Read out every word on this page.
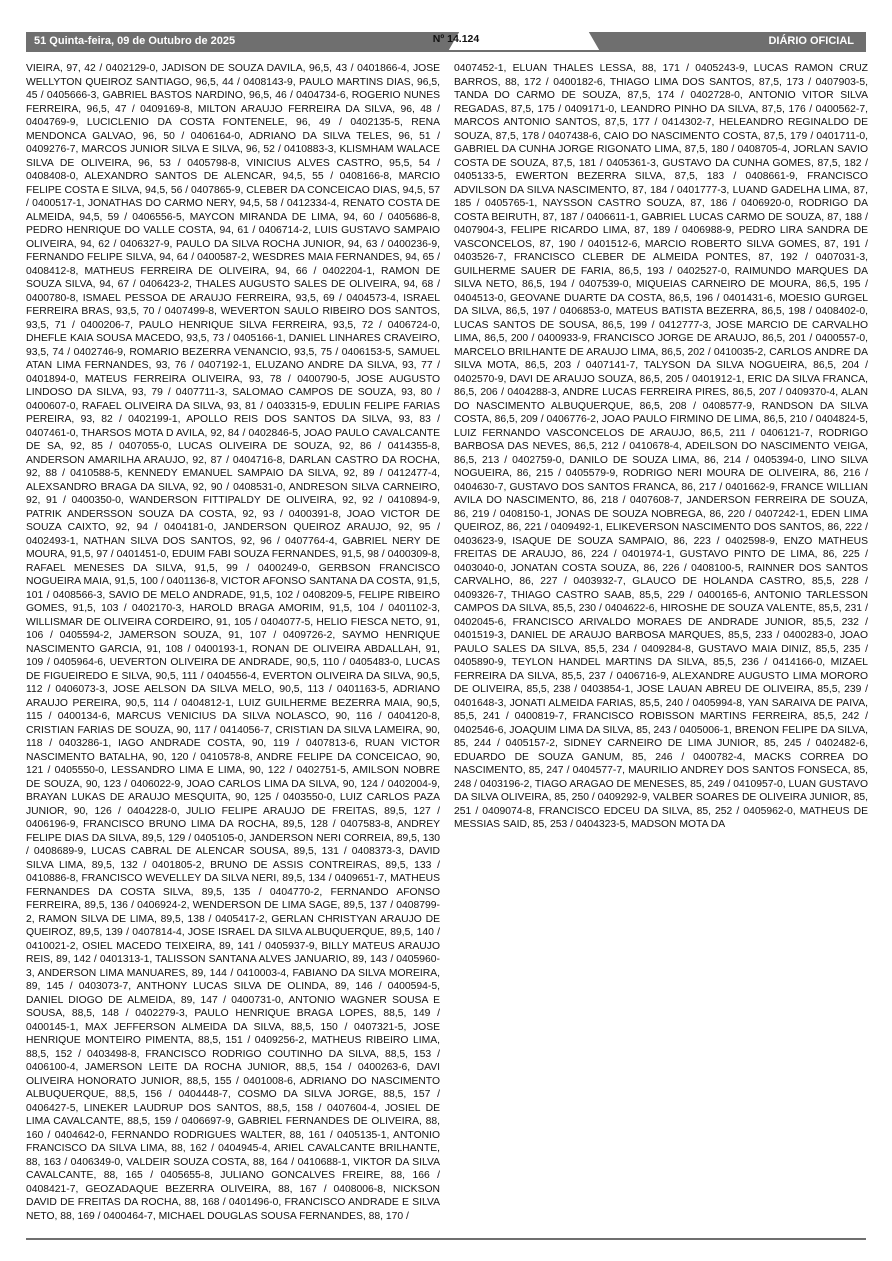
51 Quinta-feira, 09 de Outubro de 2025	Nº 14.124	DIÁRIO OFICIAL
VIEIRA, 97, 42 / 0402129-0, JADISON DE SOUZA DAVILA, 96,5, 43 / 0401866-4, JOSE WELLYTON QUEIROZ SANTIAGO, 96,5, 44 / 0408143-9, PAULO MARTINS DIAS, 96,5, 45 / 0405666-3, GABRIEL BASTOS NARDINO, 96,5, 46 / 0404734-6, ROGERIO NUNES FERREIRA, 96,5, 47 / 0409169-8, MILTON ARAUJO FERREIRA DA SILVA, 96, 48 / 0404769-9, LUCICLENIO DA COSTA FONTENELE, 96, 49 / 0402135-5, RENA MENDONCA GALVAO, 96, 50 / 0406164-0, ADRIANO DA SILVA TELES, 96, 51 / 0409276-7, MARCOS JUNIOR SILVA E SILVA, 96, 52 / 0410883-3, KLISMHAM WALACE SILVA DE OLIVEIRA, 96, 53 / 0405798-8, VINICIUS ALVES CASTRO, 95,5, 54 / 0408408-0, ALEXANDRO SANTOS DE ALENCAR, 94,5, 55 / 0408166-8, MARCIO FELIPE COSTA E SILVA, 94,5, 56 / 0407865-9, CLEBER DA CONCEICAO DIAS, 94,5, 57 / 0400517-1, JONATHAS DO CARMO NERY, 94,5, 58 / 0412334-4, RENATO COSTA DE ALMEIDA, 94,5, 59 / 0406556-5, MAYCON MIRANDA DE LIMA, 94, 60 / 0405686-8, PEDRO HENRIQUE DO VALLE COSTA, 94, 61 / 0406714-2, LUIS GUSTAVO SAMPAIO OLIVEIRA, 94, 62 / 0406327-9, PAULO DA SILVA ROCHA JUNIOR, 94, 63 / 0400236-9, FERNANDO FELIPE SILVA, 94, 64 / 0400587-2, WESDRES MAIA FERNANDES, 94, 65 / 0408412-8, MATHEUS FERREIRA DE OLIVEIRA, 94, 66 / 0402204-1, RAMON DE SOUZA SILVA, 94, 67 / 0406423-2, THALES AUGUSTO SALES DE OLIVEIRA, 94, 68 / 0400780-8, ISMAEL PESSOA DE ARAUJO FERREIRA, 93,5, 69 / 0404573-4, ISRAEL FERREIRA BRAS, 93,5, 70 / 0407499-8, WEVERTON SAULO RIBEIRO DOS SANTOS, 93,5, 71 / 0400206-7, PAULO HENRIQUE SILVA FERREIRA, 93,5, 72 / 0406724-0, DHEFLE KAIA SOUSA MACEDO, 93,5, 73 / 0405166-1, DANIEL LINHARES CRAVEIRO, 93,5, 74 / 0402746-9, ROMARIO BEZERRA VENANCIO, 93,5, 75 / 0406153-5, SAMUEL ATAN LIMA FERNANDES, 93, 76 / 0407192-1, ELUZANO ANDRE DA SILVA, 93, 77 / 0401894-0, MATEUS FERREIRA OLIVEIRA, 93, 78 / 0400790-5, JOSE AUGUSTO LINDOSO DA SILVA, 93, 79 / 0407711-3, SALOMAO CAMPOS DE SOUZA, 93, 80 / 0400607-0, RAFAEL OLIVEIRA DA SILVA, 93, 81 / 0403315-9, EDULIN FELIPE FARIAS PEREIRA, 93, 82 / 0402199-1, APOLLO REIS DOS SANTOS DA SILVA, 93, 83 / 0407461-0, THARSOS MOTA D AVILA, 92, 84 / 0402846-5, JOAO PAULO CAVALCANTE DE SA, 92, 85 / 0407055-0, LUCAS OLIVEIRA DE SOUZA, 92, 86 / 0414355-8, ANDERSON AMARILHA ARAUJO, 92, 87 / 0404716-8, DARLAN CASTRO DA ROCHA, 92, 88 / 0410588-5, KENNEDY EMANUEL SAMPAIO DA SILVA, 92, 89 / 0412477-4, ALEXSANDRO BRAGA DA SILVA, 92, 90 / 0408531-0, ANDRESON SILVA CARNEIRO, 92, 91 / 0400350-0, WANDERSON FITTIPALDY DE OLIVEIRA, 92, 92 / 0410894-9, PATRIK ANDERSSON SOUZA DA COSTA, 92, 93 / 0400391-8, JOAO VICTOR DE SOUZA CAIXTO, 92, 94 / 0404181-0, JANDERSON QUEIROZ ARAUJO, 92, 95 / 0402493-1, NATHAN SILVA DOS SANTOS, 92, 96 / 0407764-4, GABRIEL NERY DE MOURA, 91,5, 97 / 0401451-0, EDUIM FABI SOUZA FERNANDES, 91,5, 98 / 0400309-8, RAFAEL MENESES DA SILVA, 91,5, 99 / 0400249-0, GERBSON FRANCISCO NOGUEIRA MAIA, 91,5, 100 / 0401136-8, VICTOR AFONSO SANTANA DA COSTA, 91,5, 101 / 0408566-3, SAVIO DE MELO ANDRADE, 91,5, 102 / 0408209-5, FELIPE RIBEIRO GOMES, 91,5, 103 / 0402170-3, HAROLD BRAGA AMORIM, 91,5, 104 / 0401102-3, WILLISMAR DE OLIVEIRA CORDEIRO, 91, 105 / 0404077-5, HELIO FIESCA NETO, 91, 106 / 0405594-2, JAMERSON SOUZA, 91, 107 / 0409726-2, SAYMO HENRIQUE NASCIMENTO GARCIA, 91, 108 / 0400193-1, RONAN DE OLIVEIRA ABDALLAH, 91, 109 / 0405964-6, UEVERTON OLIVEIRA DE ANDRADE, 90,5, 110 / 0405483-0, LUCAS DE FIGUEIREDO E SILVA, 90,5, 111 / 0404556-4, EVERTON OLIVEIRA DA SILVA, 90,5, 112 / 0406073-3, JOSE AELSON DA SILVA MELO, 90,5, 113 / 0401163-5, ADRIANO ARAUJO PEREIRA, 90,5, 114 / 0404812-1, LUIZ GUILHERME BEZERRA MAIA, 90,5, 115 / 0400134-6, MARCUS VENICIUS DA SILVA NOLASCO, 90, 116 / 0404120-8, CRISTIAN FARIAS DE SOUZA, 90, 117 / 0414056-7, CRISTIAN DA SILVA LAMEIRA, 90, 118 / 0403286-1, IAGO ANDRADE COSTA, 90, 119 / 0407813-6, RUAN VICTOR NASCIMENTO BATALHA, 90, 120 / 0410578-8, ANDRE FELIPE DA CONCEICAO, 90, 121 / 0405550-0, LESSANDRO LIMA E LIMA, 90, 122 / 0402751-5, AMILSON NOBRE DE SOUZA, 90, 123 / 0406022-9, JOAO CARLOS LIMA DA SILVA, 90, 124 / 0402004-9, BRAYAN LUKAS DE ARAUJO MESQUITA, 90, 125 / 0403550-0, LUIZ CARLOS PAZA JUNIOR, 90, 126 / 0404228-0, JULIO FELIPE ARAUJO DE FREITAS, 89,5, 127 / 0406196-9, FRANCISCO BRUNO LIMA DA ROCHA, 89,5, 128 / 0407583-8, ANDREY FELIPE DIAS DA SILVA, 89,5, 129 / 0405105-0, JANDERSON NERI CORREIA, 89,5, 130 / 0408689-9, LUCAS CABRAL DE ALENCAR SOUSA, 89,5, 131 / 0408373-3, DAVID SILVA LIMA, 89,5, 132 / 0401805-2, BRUNO DE ASSIS CONTREIRAS, 89,5, 133 / 0410886-8, FRANCISCO WEVELLEY DA SILVA NERI, 89,5, 134 / 0409651-7, MATHEUS FERNANDES DA COSTA SILVA, 89,5, 135 / 0404770-2, FERNANDO AFONSO FERREIRA, 89,5, 136 / 0406924-2, WENDERSON DE LIMA SAGE, 89,5, 137 / 0408799-2, RAMON SILVA DE LIMA, 89,5, 138 / 0405417-2, GERLAN CHRISTYAN ARAUJO DE QUEIROZ, 89,5, 139 / 0407814-4, JOSE ISRAEL DA SILVA ALBUQUERQUE, 89,5, 140 / 0410021-2, OSIEL MACEDO TEIXEIRA, 89, 141 / 0405937-9, BILLY MATEUS ARAUJO REIS, 89, 142 / 0401313-1, TALISSON SANTANA ALVES JANUARIO, 89, 143 / 0405960-3, ANDERSON LIMA MANUARES, 89, 144 / 0410003-4, FABIANO DA SILVA MOREIRA, 89, 145 / 0403073-7, ANTHONY LUCAS SILVA DE OLINDA, 89, 146 / 0400594-5, DANIEL DIOGO DE ALMEIDA, 89, 147 / 0400731-0, ANTONIO WAGNER SOUSA E SOUSA, 88,5, 148 / 0402279-3, PAULO HENRIQUE BRAGA LOPES, 88,5, 149 / 0400145-1, MAX JEFFERSON ALMEIDA DA SILVA, 88,5, 150 / 0407321-5, JOSE HENRIQUE MONTEIRO PIMENTA, 88,5, 151 / 0409256-2, MATHEUS RIBEIRO LIMA, 88,5, 152 / 0403498-8, FRANCISCO RODRIGO COUTINHO DA SILVA, 88,5, 153 / 0406100-4, JAMERSON LEITE DA ROCHA JUNIOR, 88,5, 154 / 0400263-6, DAVI OLIVEIRA HONORATO JUNIOR, 88,5, 155 / 0401008-6, ADRIANO DO NASCIMENTO ALBUQUERQUE, 88,5, 156 / 0404448-7, COSMO DA SILVA JORGE, 88,5, 157 / 0406427-5, LINEKER LAUDRUP DOS SANTOS, 88,5, 158 / 0407604-4, JOSIEL DE LIMA CAVALCANTE, 88,5, 159 / 0406697-9, GABRIEL FERNANDES DE OLIVEIRA, 88, 160 / 0404642-0, FERNANDO RODRIGUES WALTER, 88, 161 / 0405135-1, ANTONIO FRANCISCO DA SILVA LIMA, 88, 162 / 0404945-4, ARIEL CAVALCANTE BRILHANTE, 88, 163 / 0406349-0, VALDEIR SOUZA COSTA, 88, 164 / 0410688-1, VIKTOR DA SILVA CAVALCANTE, 88, 165 / 0405655-8, JULIANO GONCALVES FREIRE, 88, 166 / 0408421-7, GEOZADAQUE BEZERRA OLIVEIRA, 88, 167 / 0408006-8, NICKSON DAVID DE FREITAS DA ROCHA, 88, 168 / 0401496-0, FRANCISCO ANDRADE E SILVA NETO, 88, 169 / 0400464-7, MICHAEL DOUGLAS SOUSA FERNANDES, 88, 170 /
0407452-1, ELUAN THALES LESSA, 88, 171 / 0405243-9, LUCAS RAMON CRUZ BARROS, 88, 172 / 0400182-6, THIAGO LIMA DOS SANTOS, 87,5, 173 / 0407903-5, TANDA DO CARMO DE SOUZA, 87,5, 174 / 0402728-0, ANTONIO VITOR SILVA REGADAS, 87,5, 175 / 0409171-0, LEANDRO PINHO DA SILVA, 87,5, 176 / 0400562-7, MARCOS ANTONIO SANTOS, 87,5, 177 / 0414302-7, HELEANDRO REGINALDO DE SOUZA, 87,5, 178 / 0407438-6, CAIO DO NASCIMENTO COSTA, 87,5, 179 / 0401711-0, GABRIEL DA CUNHA JORGE RIGONATO LIMA, 87,5, 180 / 0408705-4, JORLAN SAVIO COSTA DE SOUZA, 87,5, 181 / 0405361-3, GUSTAVO DA CUNHA GOMES, 87,5, 182 / 0405133-5, EWERTON BEZERRA SILVA, 87,5, 183 / 0408661-9, FRANCISCO ADVILSON DA SILVA NASCIMENTO, 87, 184 / 0401777-3, LUAND GADELHA LIMA, 87, 185 / 0405765-1, NAYSSON CASTRO SOUZA, 87, 186 / 0406920-0, RODRIGO DA COSTA BEIRUTH, 87, 187 / 0406611-1, GABRIEL LUCAS CARMO DE SOUZA, 87, 188 / 0407904-3, FELIPE RICARDO LIMA, 87, 189 / 0406988-9, PEDRO LIRA SANDRA DE VASCONCELOS, 87, 190 / 0401512-6, MARCIO ROBERTO SILVA GOMES, 87, 191 / 0403526-7, FRANCISCO CLEBER DE ALMEIDA PONTES, 87, 192 / 0407031-3, GUILHERME SAUER DE FARIA, 86,5, 193 / 0402527-0, RAIMUNDO MARQUES DA SILVA NETO, 86,5, 194 / 0407539-0, MIQUEIAS CARNEIRO DE MOURA, 86,5, 195 / 0404513-0, GEOVANE DUARTE DA COSTA, 86,5, 196 / 0401431-6, MOESIO GURGEL DA SILVA, 86,5, 197 / 0406853-0, MATEUS BATISTA BEZERRA, 86,5, 198 / 0408402-0, LUCAS SANTOS DE SOUSA, 86,5, 199 / 0412777-3, JOSE MARCIO DE CARVALHO LIMA, 86,5, 200 / 0400933-9, FRANCISCO JORGE DE ARAUJO, 86,5, 201 / 0400557-0, MARCELO BRILHANTE DE ARAUJO LIMA, 86,5, 202 / 0410035-2, CARLOS ANDRE DA SILVA MOTA, 86,5, 203 / 0407141-7, TALYSON DA SILVA NOGUEIRA, 86,5, 204 / 0402570-9, DAVI DE ARAUJO SOUZA, 86,5, 205 / 0401912-1, ERIC DA SILVA FRANCA, 86,5, 206 / 0404288-3, ANDRE LUCAS FERREIRA PIRES, 86,5, 207 / 0409370-4, ALAN DO NASCIMENTO ALBUQUERQUE, 86,5, 208 / 0408577-9, RANDSON DA SILVA COSTA, 86,5, 209 / 0406776-2, JOAO PAULO FIRMINO DE LIMA, 86,5, 210 / 0404824-5, LUIZ FERNANDO VASCONCELOS DE ARAUJO, 86,5, 211 / 0406121-7, RODRIGO BARBOSA DAS NEVES, 86,5, 212 / 0410678-4, ADEILSON DO NASCIMENTO VEIGA, 86,5, 213 / 0402759-0, DANILO DE SOUZA LIMA, 86, 214 / 0405394-0, LINO SILVA NOGUEIRA, 86, 215 / 0405579-9, RODRIGO NERI MOURA DE OLIVEIRA, 86, 216 / 0404630-7, GUSTAVO DOS SANTOS FRANCA, 86, 217 / 0401662-9, FRANCE WILLIAN AVILA DO NASCIMENTO, 86, 218 / 0407608-7, JANDERSON FERREIRA DE SOUZA, 86, 219 / 0408150-1, JONAS DE SOUZA NOBREGA, 86, 220 / 0407242-1, EDEN LIMA QUEIROZ, 86, 221 / 0409492-1, ELIKEVERSON NASCIMENTO DOS SANTOS, 86, 222 / 0403623-9, ISAQUE DE SOUZA SAMPAIO, 86, 223 / 0402598-9, ENZO MATHEUS FREITAS DE ARAUJO, 86, 224 / 0401974-1, GUSTAVO PINTO DE LIMA, 86, 225 / 0403040-0, JONATAN COSTA SOUZA, 86, 226 / 0408100-5, RAINNER DOS SANTOS CARVALHO, 86, 227 / 0403932-7, GLAUCO DE HOLANDA CASTRO, 85,5, 228 / 0409326-7, THIAGO CASTRO SAAB, 85,5, 229 / 0400165-6, ANTONIO TARLESSON CAMPOS DA SILVA, 85,5, 230 / 0404622-6, HIROSHE DE SOUZA VALENTE, 85,5, 231 / 0402045-6, FRANCISCO ARIVALDO MORAES DE ANDRADE JUNIOR, 85,5, 232 / 0401519-3, DANIEL DE ARAUJO BARBOSA MARQUES, 85,5, 233 / 0400283-0, JOAO PAULO SALES DA SILVA, 85,5, 234 / 0409284-8, GUSTAVO MAIA DINIZ, 85,5, 235 / 0405890-9, TEYLON HANDEL MARTINS DA SILVA, 85,5, 236 / 0414166-0, MIZAEL FERREIRA DA SILVA, 85,5, 237 / 0406716-9, ALEXANDRE AUGUSTO LIMA MORORO DE OLIVEIRA, 85,5, 238 / 0403854-1, JOSE LAUAN ABREU DE OLIVEIRA, 85,5, 239 / 0401648-3, JONATI ALMEIDA FARIAS, 85,5, 240 / 0405994-8, YAN SARAIVA DE PAIVA, 85,5, 241 / 0400819-7, FRANCISCO ROBISSON MARTINS FERREIRA, 85,5, 242 / 0402546-6, JOAQUIM LIMA DA SILVA, 85, 243 / 0405006-1, BRENON FELIPE DA SILVA, 85, 244 / 0405157-2, SIDNEY CARNEIRO DE LIMA JUNIOR, 85, 245 / 0402482-6, EDUARDO DE SOUZA GANUM, 85, 246 / 0400782-4, MACKS CORREA DO NASCIMENTO, 85, 247 / 0404577-7, MAURILIO ANDREY DOS SANTOS FONSECA, 85, 248 / 0403196-2, TIAGO ARAGAO DE MENESES, 85, 249 / 0410957-0, LUAN GUSTAVO DA SILVA OLIVEIRA, 85, 250 / 0409292-9, VALBER SOARES DE OLIVEIRA JUNIOR, 85, 251 / 0409074-8, FRANCISCO EDCEU DA SILVA, 85, 252 / 0405962-0, MATHEUS DE MESSIAS SAID, 85, 253 / 0404323-5, MADSON MOTA DA
